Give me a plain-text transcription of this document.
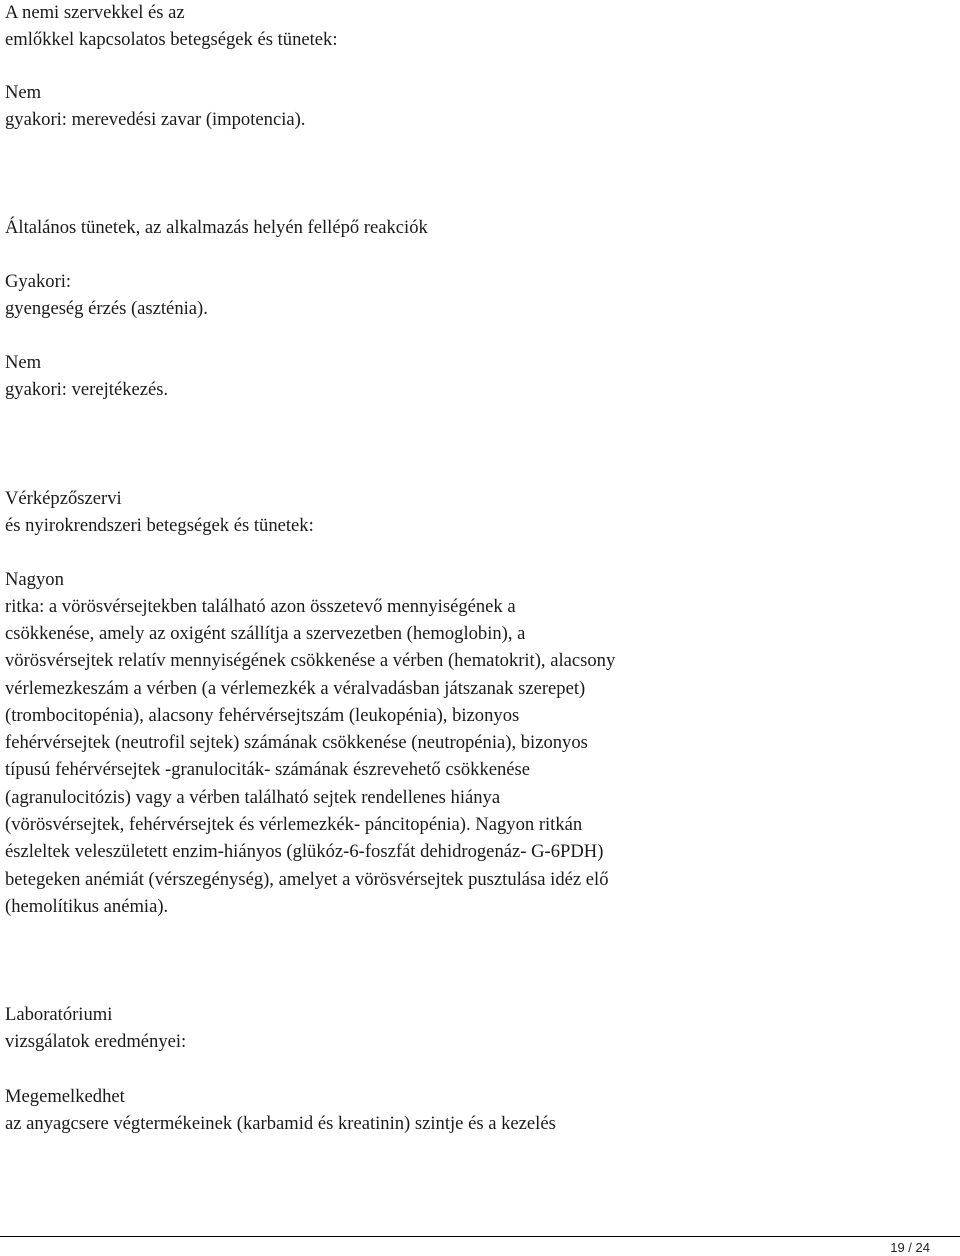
A nemi szervekkel és az

emlőkkel kapcsolatos betegségek és tünetek:

Nem

gyakori: merevedési zavar (impotencia).

Általános tünetek, az alkalmazás helyén fellépő reakciók

Gyakori:

gyengeség érzés (aszténia).

Nem

gyakori: verejtékezés.

Vérképzőszervi

és nyirokrendszeri betegségek és tünetek:

Nagyon

ritka: a vörösvérsejtekben található azon összetevő mennyiségének a

csökkenése, amely az oxigént szállítja a szervezetben (hemoglobin), a

vörösvérsejtek relatív mennyiségének csökkenése a vérben (hematokrit), alacsony

vérlemezkeszám a vérben (a vérlemezkék a véralvadásban játszanak szerepet)

(trombocitopénia), alacsony fehérvérsejtszám (leukopénia), bizonyos

fehérvérsejtek (neutrofil sejtek) számának csökkenése (neutropénia), bizonyos

típusú fehérvérsejtek -granulociták- számának észrevehető csökkenése

(agranulocitózis) vagy a vérben található sejtek rendellenes hiánya

(vörösvérsejtek, fehérvérsejtek és vérlemezkék- páncitopénia). Nagyon ritkán

észleltek veleszületett enzim-hiányos (glükóz-6-foszfát dehidrogenáz- G-6PDH)

betegeken anémiát (vérszegénység), amelyet a vörösvérsejtek pusztulása idéz elő

(hemolítikus anémia).

Laboratóriumi

vizsgálatok eredményei:

Megemelkedhet

az anyagcsere végtermékeinek (karbamid és kreatinin) szintje és a kezelés

19 / 24
